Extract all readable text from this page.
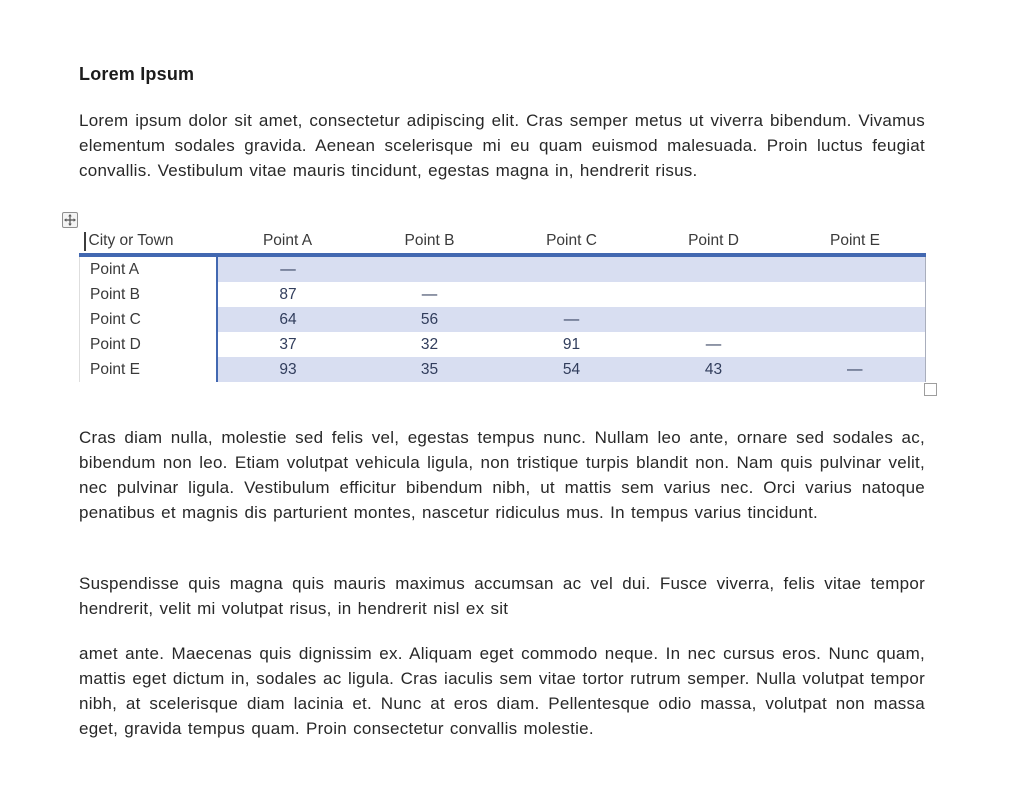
Lorem Ipsum

Lorem ipsum dolor sit amet, consectetur adipiscing elit. Cras semper metus ut viverra bibendum. Vivamus elementum sodales gravida. Aenean scelerisque mi eu quam euismod malesuada. Proin luctus feugiat convallis. Vestibulum vitae mauris tincidunt, egestas magna in, hendrerit risus.

City or Town	Point A	Point B	Point C	Point D	Point E
Point A	—				
Point B	87	—			
Point C	64	56	—		
Point D	37	32	91	—	
Point E	93	35	54	43	—

Cras diam nulla, molestie sed felis vel, egestas tempus nunc. Nullam leo ante, ornare sed sodales ac, bibendum non leo. Etiam volutpat vehicula ligula, non tristique turpis blandit non. Nam quis pulvinar velit, nec pulvinar ligula. Vestibulum efficitur bibendum nibh, ut mattis sem varius nec. Orci varius natoque penatibus et magnis dis parturient montes, nascetur ridiculus mus. In tempus varius tincidunt.

Suspendisse quis magna quis mauris maximus accumsan ac vel dui. Fusce viverra, felis vitae tempor hendrerit, velit mi volutpat risus, in hendrerit nisl ex sit

amet ante. Maecenas quis dignissim ex. Aliquam eget commodo neque. In nec cursus eros. Nunc quam, mattis eget dictum in, sodales ac ligula. Cras iaculis sem vitae tortor rutrum semper. Nulla volutpat tempor nibh, at scelerisque diam lacinia et. Nunc at eros diam. Pellentesque odio massa, volutpat non massa eget, gravida tempus quam. Proin consectetur convallis molestie.
